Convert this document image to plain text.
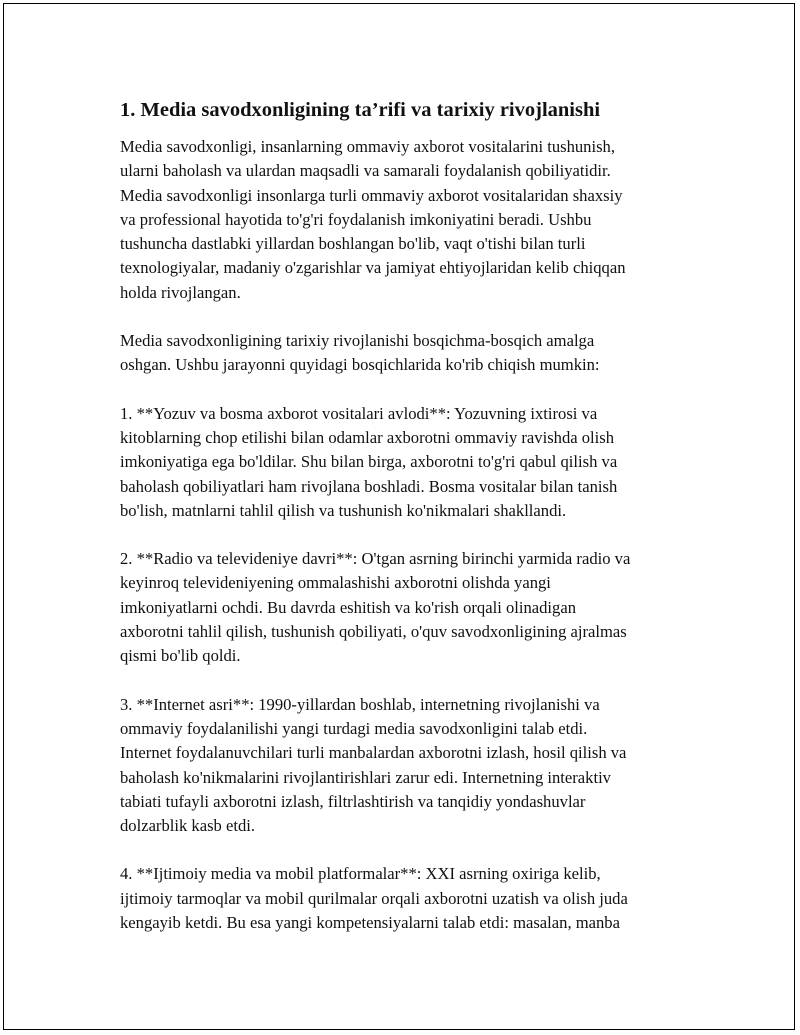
1. Media savodxonligining ta’rifi va tarixiy rivojlanishi

Media savodxonligi, insanlarning ommaviy axborot vositalarini tushunish,
ularni baholash va ulardan maqsadli va samarali foydalanish qobiliyatidir.
Media savodxonligi insonlarga turli ommaviy axborot vositalaridan shaxsiy
va professional hayotida to'g'ri foydalanish imkoniyatini beradi. Ushbu
tushuncha dastlabki yillardan boshlangan bo'lib, vaqt o'tishi bilan turli
texnologiyalar, madaniy o'zgarishlar va jamiyat ehtiyojlaridan kelib chiqqan
holda rivojlangan.

Media savodxonligining tarixiy rivojlanishi bosqichma-bosqich amalga
oshgan. Ushbu jarayonni quyidagi bosqichlarida ko'rib chiqish mumkin:

1. **Yozuv va bosma axborot vositalari avlodi**: Yozuvning ixtirosi va
kitoblarning chop etilishi bilan odamlar axborotni ommaviy ravishda olish
imkoniyatiga ega bo'ldilar. Shu bilan birga, axborotni to'g'ri qabul qilish va
baholash qobiliyatlari ham rivojlana boshladi. Bosma vositalar bilan tanish
bo'lish, matnlarni tahlil qilish va tushunish ko'nikmalari shakllandi.

2. **Radio va televideniye davri**: O'tgan asrning birinchi yarmida radio va
keyinroq televideniyening ommalashishi axborotni olishda yangi
imkoniyatlarni ochdi. Bu davrda eshitish va ko'rish orqali olinadigan
axborotni tahlil qilish, tushunish qobiliyati, o'quv savodxonligining ajralmas
qismi bo'lib qoldi.

3. **Internet asri**: 1990-yillardan boshlab, internetning rivojlanishi va
ommaviy foydalanilishi yangi turdagi media savodxonligini talab etdi.
Internet foydalanuvchilari turli manbalardan axborotni izlash, hosil qilish va
baholash ko'nikmalarini rivojlantirishlari zarur edi. Internetning interaktiv
tabiati tufayli axborotni izlash, filtrlashtirish va tanqidiy yondashuvlar
dolzarblik kasb etdi.

4. **Ijtimoiy media va mobil platformalar**: XXI asrning oxiriga kelib,
ijtimoiy tarmoqlar va mobil qurilmalar orqali axborotni uzatish va olish juda
kengayib ketdi. Bu esa yangi kompetensiyalarni talab etdi: masalan, manba
